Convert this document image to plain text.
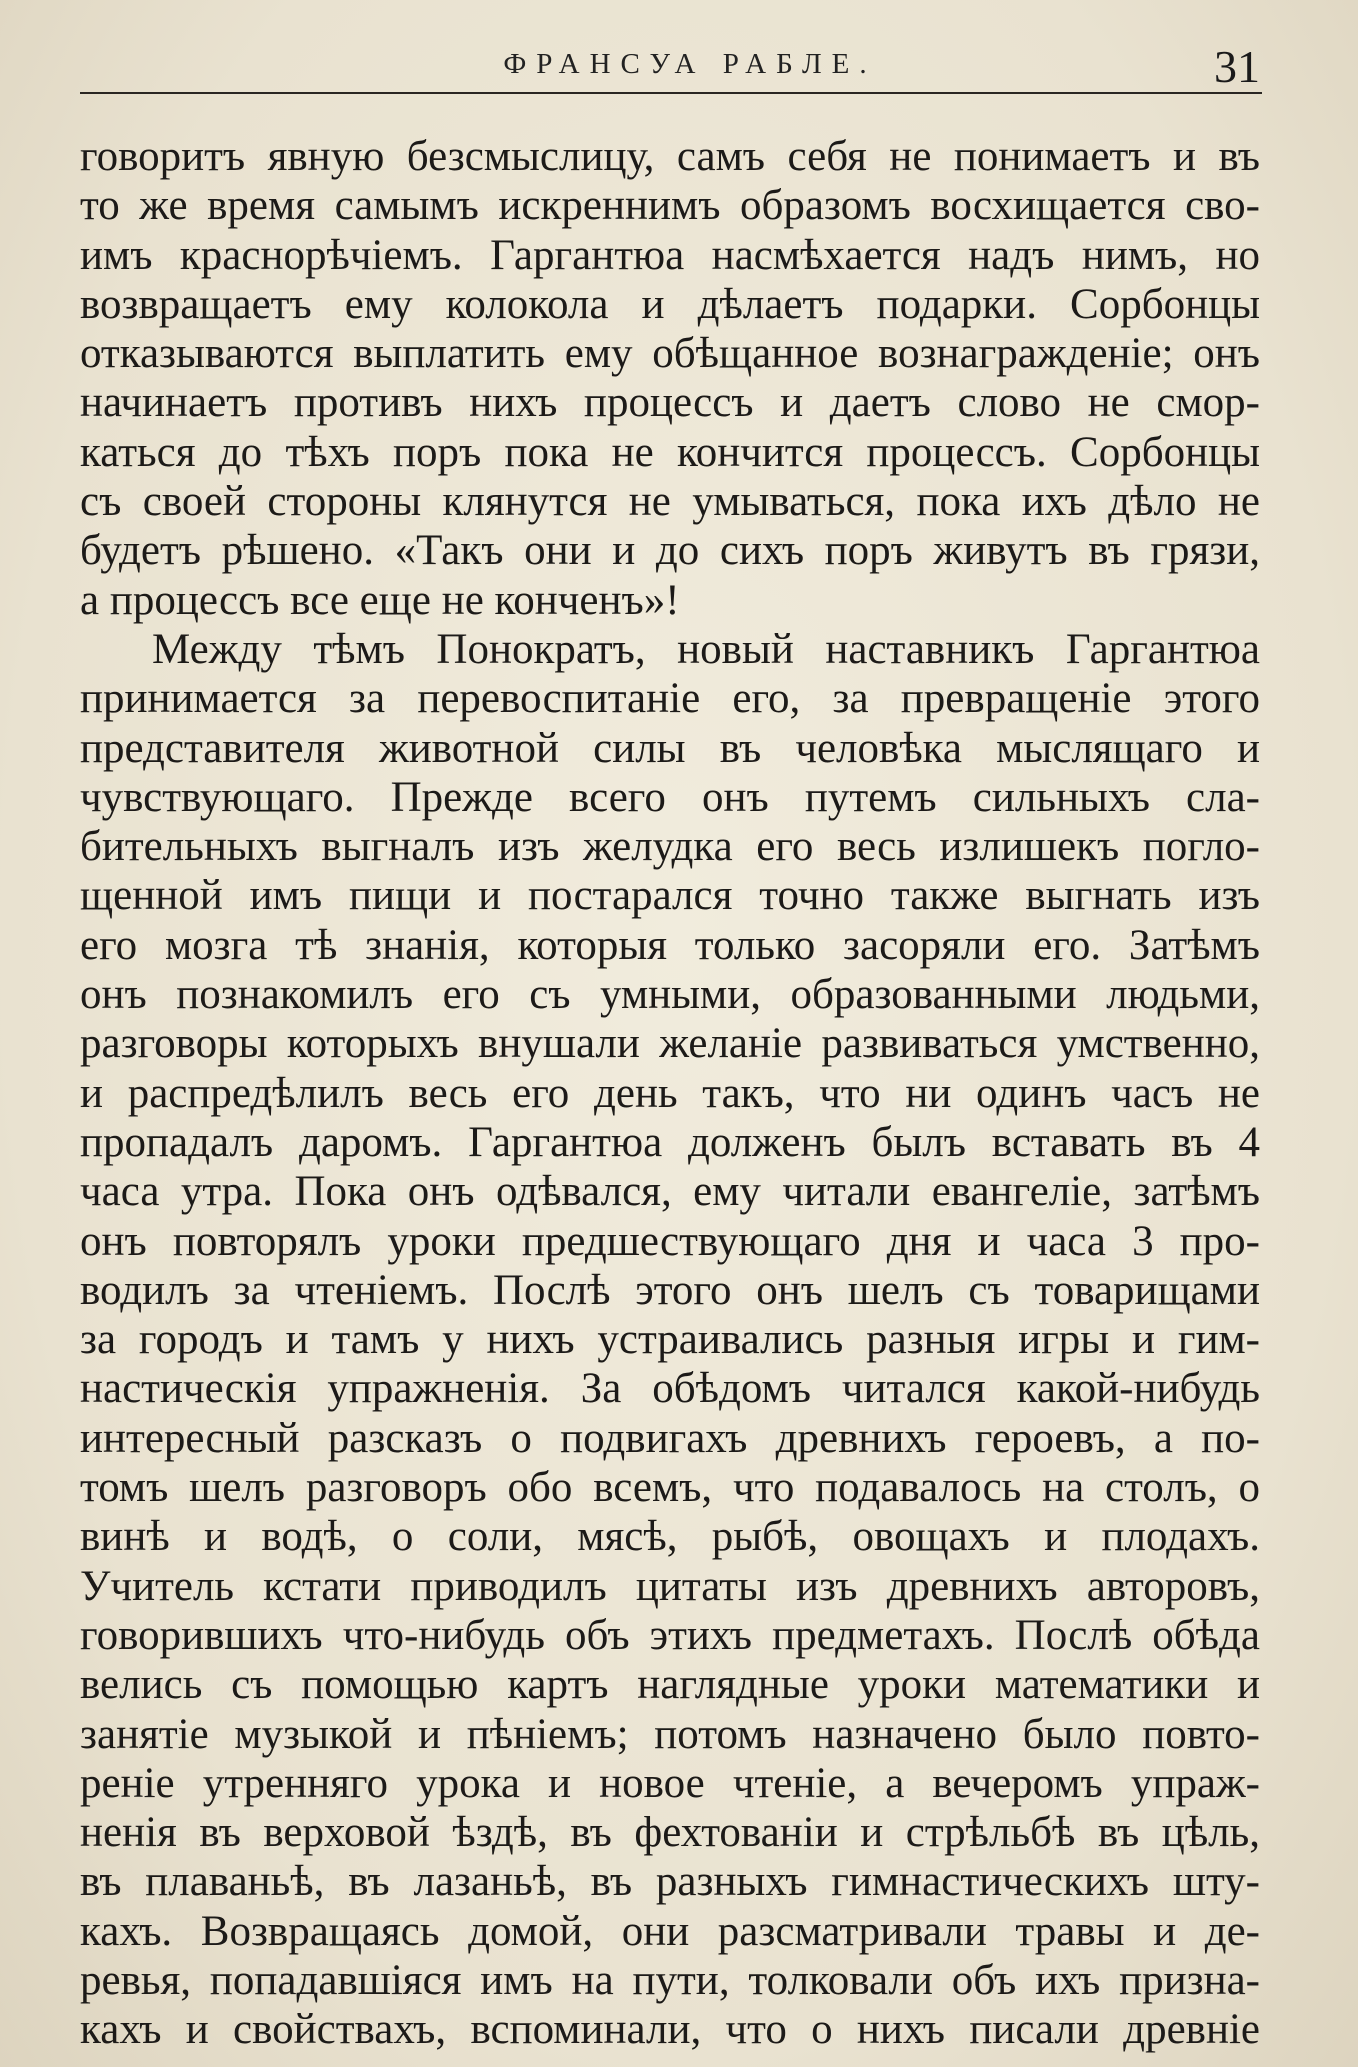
ФРАНСУА РАБЛЕ.	31
говоритъ явную безсмыслицу, самъ себя не понимаетъ и въ
то же время самымъ искреннимъ образомъ восхищается сво-
имъ краснорѣчіемъ. Гаргантюа насмѣхается надъ нимъ, но
возвращаетъ ему колокола и дѣлаетъ подарки. Сорбонцы
отказываются выплатить ему обѣщанное вознагражденіе; онъ
начинаетъ противъ нихъ процессъ и даетъ слово не смор-
каться до тѣхъ поръ пока не кончится процессъ. Сорбонцы
съ своей стороны клянутся не умываться, пока ихъ дѣло не
будетъ рѣшено. «Такъ они и до сихъ поръ живутъ въ грязи,
а процессъ все еще не конченъ»!
Между тѣмъ Понократъ, новый наставникъ Гаргантюа
принимается за перевоспитаніе его, за превращеніе этого
представителя животной силы въ человѣка мыслящаго и
чувствующаго. Прежде всего онъ путемъ сильныхъ сла-
бительныхъ выгналъ изъ желудка его весь излишекъ погло-
щенной имъ пищи и постарался точно также выгнать изъ
его мозга тѣ знанія, которыя только засоряли его. Затѣмъ
онъ познакомилъ его съ умными, образованными людьми,
разговоры которыхъ внушали желаніе развиваться умственно,
и распредѣлилъ весь его день такъ, что ни одинъ часъ не
пропадалъ даромъ. Гаргантюа долженъ былъ вставать въ 4
часа утра. Пока онъ одѣвался, ему читали евангеліе, затѣмъ
онъ повторялъ уроки предшествующаго дня и часа 3 про-
водилъ за чтеніемъ. Послѣ этого онъ шелъ съ товарищами
за городъ и тамъ у нихъ устраивались разныя игры и гим-
настическія упражненія. За обѣдомъ читался какой-нибудь
интересный разсказъ о подвигахъ древнихъ героевъ, а по-
томъ шелъ разговоръ обо всемъ, что подавалось на столъ, о
винѣ и водѣ, о соли, мясѣ, рыбѣ, овощахъ и плодахъ.
Учитель кстати приводилъ цитаты изъ древнихъ авторовъ,
говорившихъ что-нибудь объ этихъ предметахъ. Послѣ обѣда
велись съ помощью картъ наглядные уроки математики и
занятіе музыкой и пѣніемъ; потомъ назначено было повто-
реніе утренняго урока и новое чтеніе, а вечеромъ упраж-
ненія въ верховой ѣздѣ, въ фехтованіи и стрѣльбѣ въ цѣль,
въ плаваньѣ, въ лазаньѣ, въ разныхъ гимнастическихъ шту-
кахъ. Возвращаясь домой, они разсматривали травы и де-
ревья, попадавшіяся имъ на пути, толковали объ ихъ призна-
кахъ и свойствахъ, вспоминали, что о нихъ писали древніе
